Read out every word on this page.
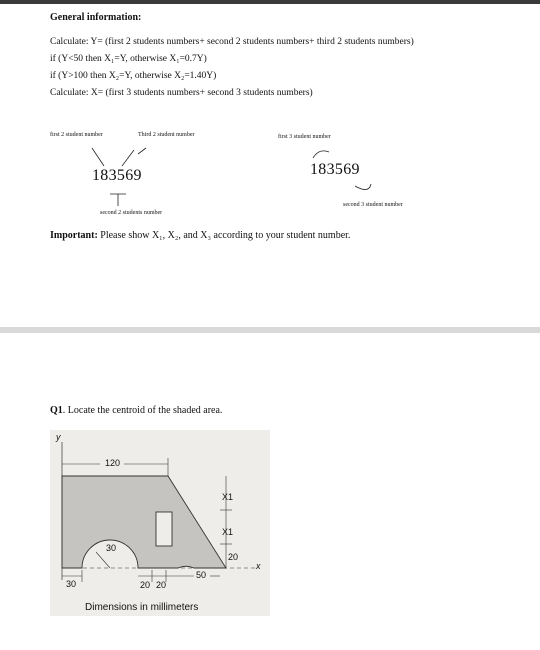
General information:
Calculate: Y= (first 2 students numbers+ second 2 students numbers+ third 2 students numbers)
if (Y<50 then X₁=Y, otherwise X₁=0.7Y)
if (Y>100 then X₂=Y, otherwise X₂=1.40Y)
Calculate: X= (first 3 students numbers+ second 3 students numbers)
first 2 student number	Third 2 student number
183569
second 2 students number
first 3 student number
183569
second 3 student number
Important: Please show X₁, X₂, and X₃ according to your student number.
Q1. Locate the centroid of the shaded area.
y
x
120
X1
X1
20
30
30	20 20
50
Dimensions in millimeters
